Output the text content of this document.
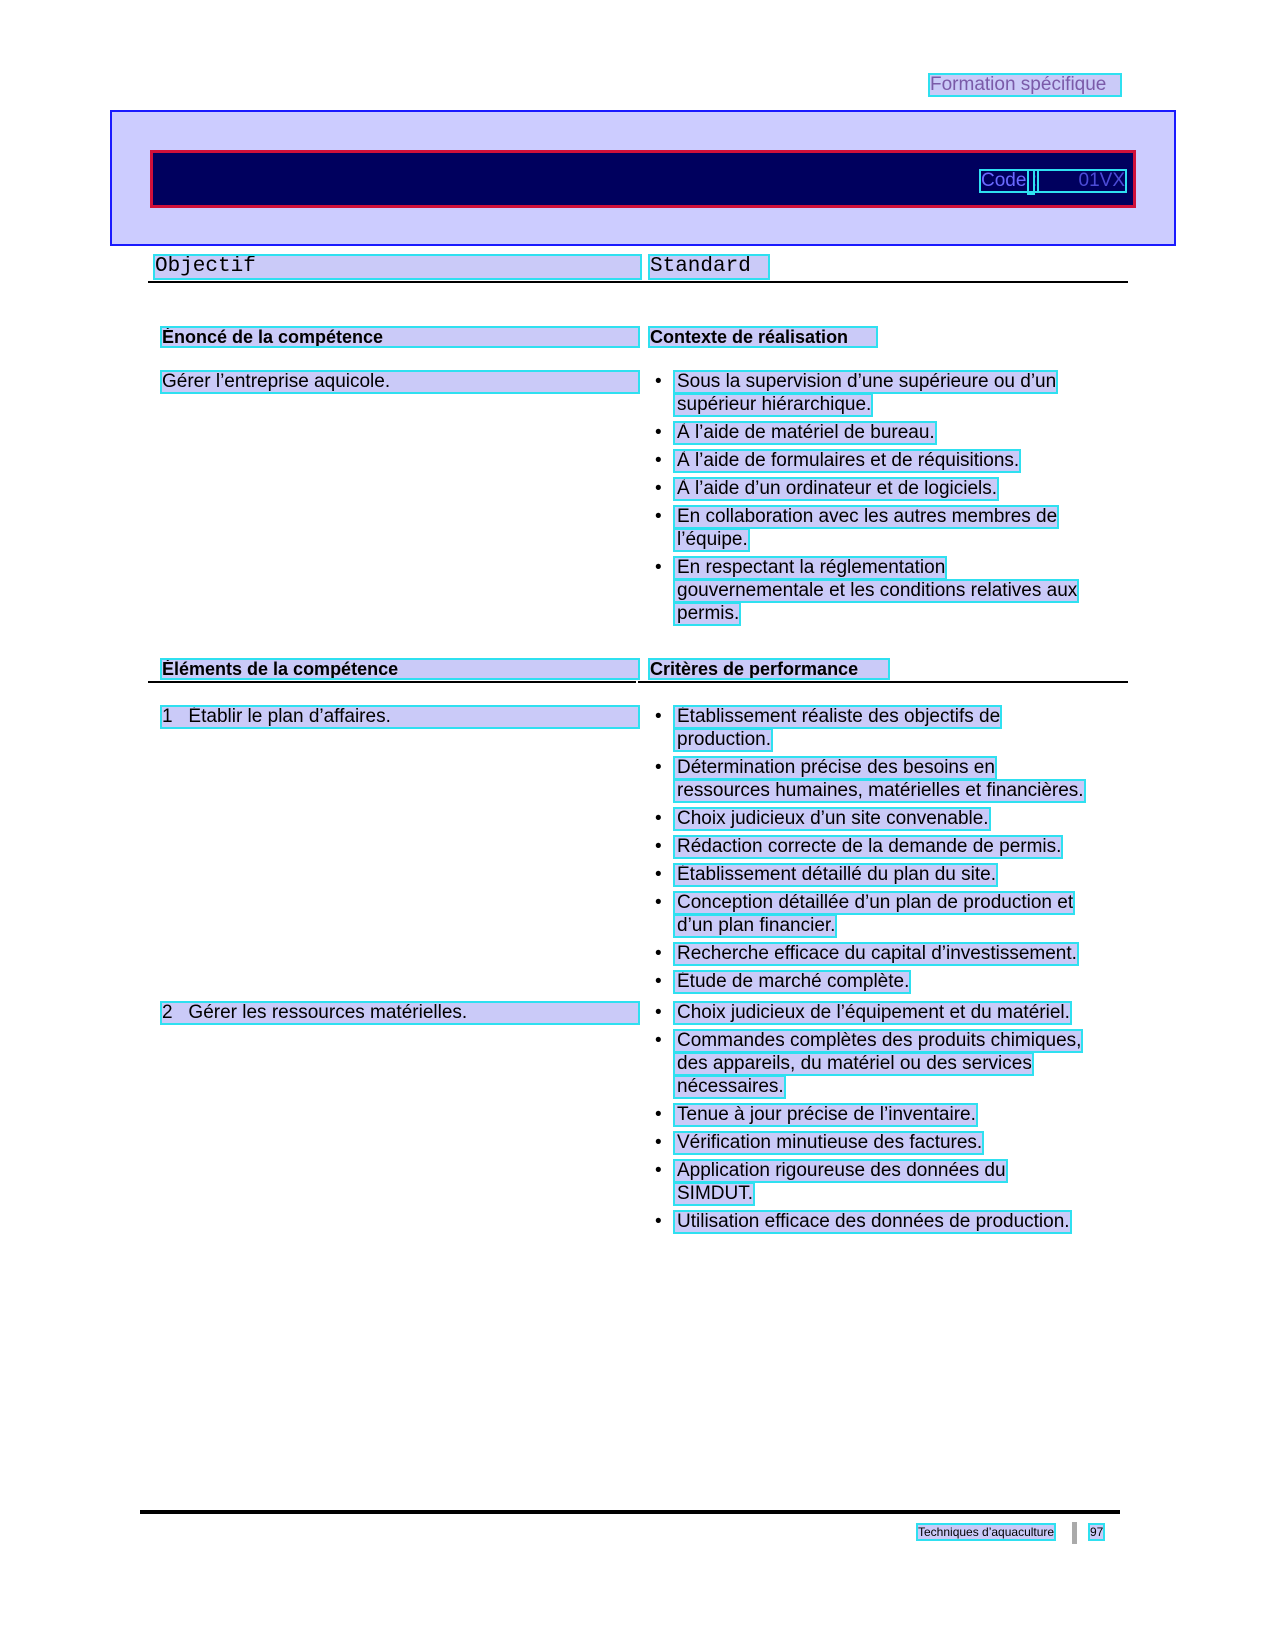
Formation spécifique
Code :	01VX
Objectif	Standard
Énoncé de la compétence	Contexte de réalisation
Gérer l’entreprise aquicole.	• Sous la supervision d’une supérieure ou d’un
supérieur hiérarchique.
• À l’aide de matériel de bureau.
• À l’aide de formulaires et de réquisitions.
• À l’aide d’un ordinateur et de logiciels.
• En collaboration avec les autres membres de
l’équipe.
• En respectant la réglementation
gouvernementale et les conditions relatives aux
permis.
Éléments de la compétence	Critères de performance
1 Établir le plan d’affaires.	• Établissement réaliste des objectifs de
production.
• Détermination précise des besoins en
ressources humaines, matérielles et financières.
• Choix judicieux d’un site convenable.
• Rédaction correcte de la demande de permis.
• Établissement détaillé du plan du site.
• Conception détaillée d’un plan de production et
d’un plan financier.
• Recherche efficace du capital d’investissement.
• Étude de marché complète.
2 Gérer les ressources matérielles.	• Choix judicieux de l’équipement et du matériel.
• Commandes complètes des produits chimiques,
des appareils, du matériel ou des services
nécessaires.
• Tenue à jour précise de l’inventaire.
• Vérification minutieuse des factures.
• Application rigoureuse des données du
SIMDUT.
• Utilisation efficace des données de production.
Techniques d’aquaculture	97
